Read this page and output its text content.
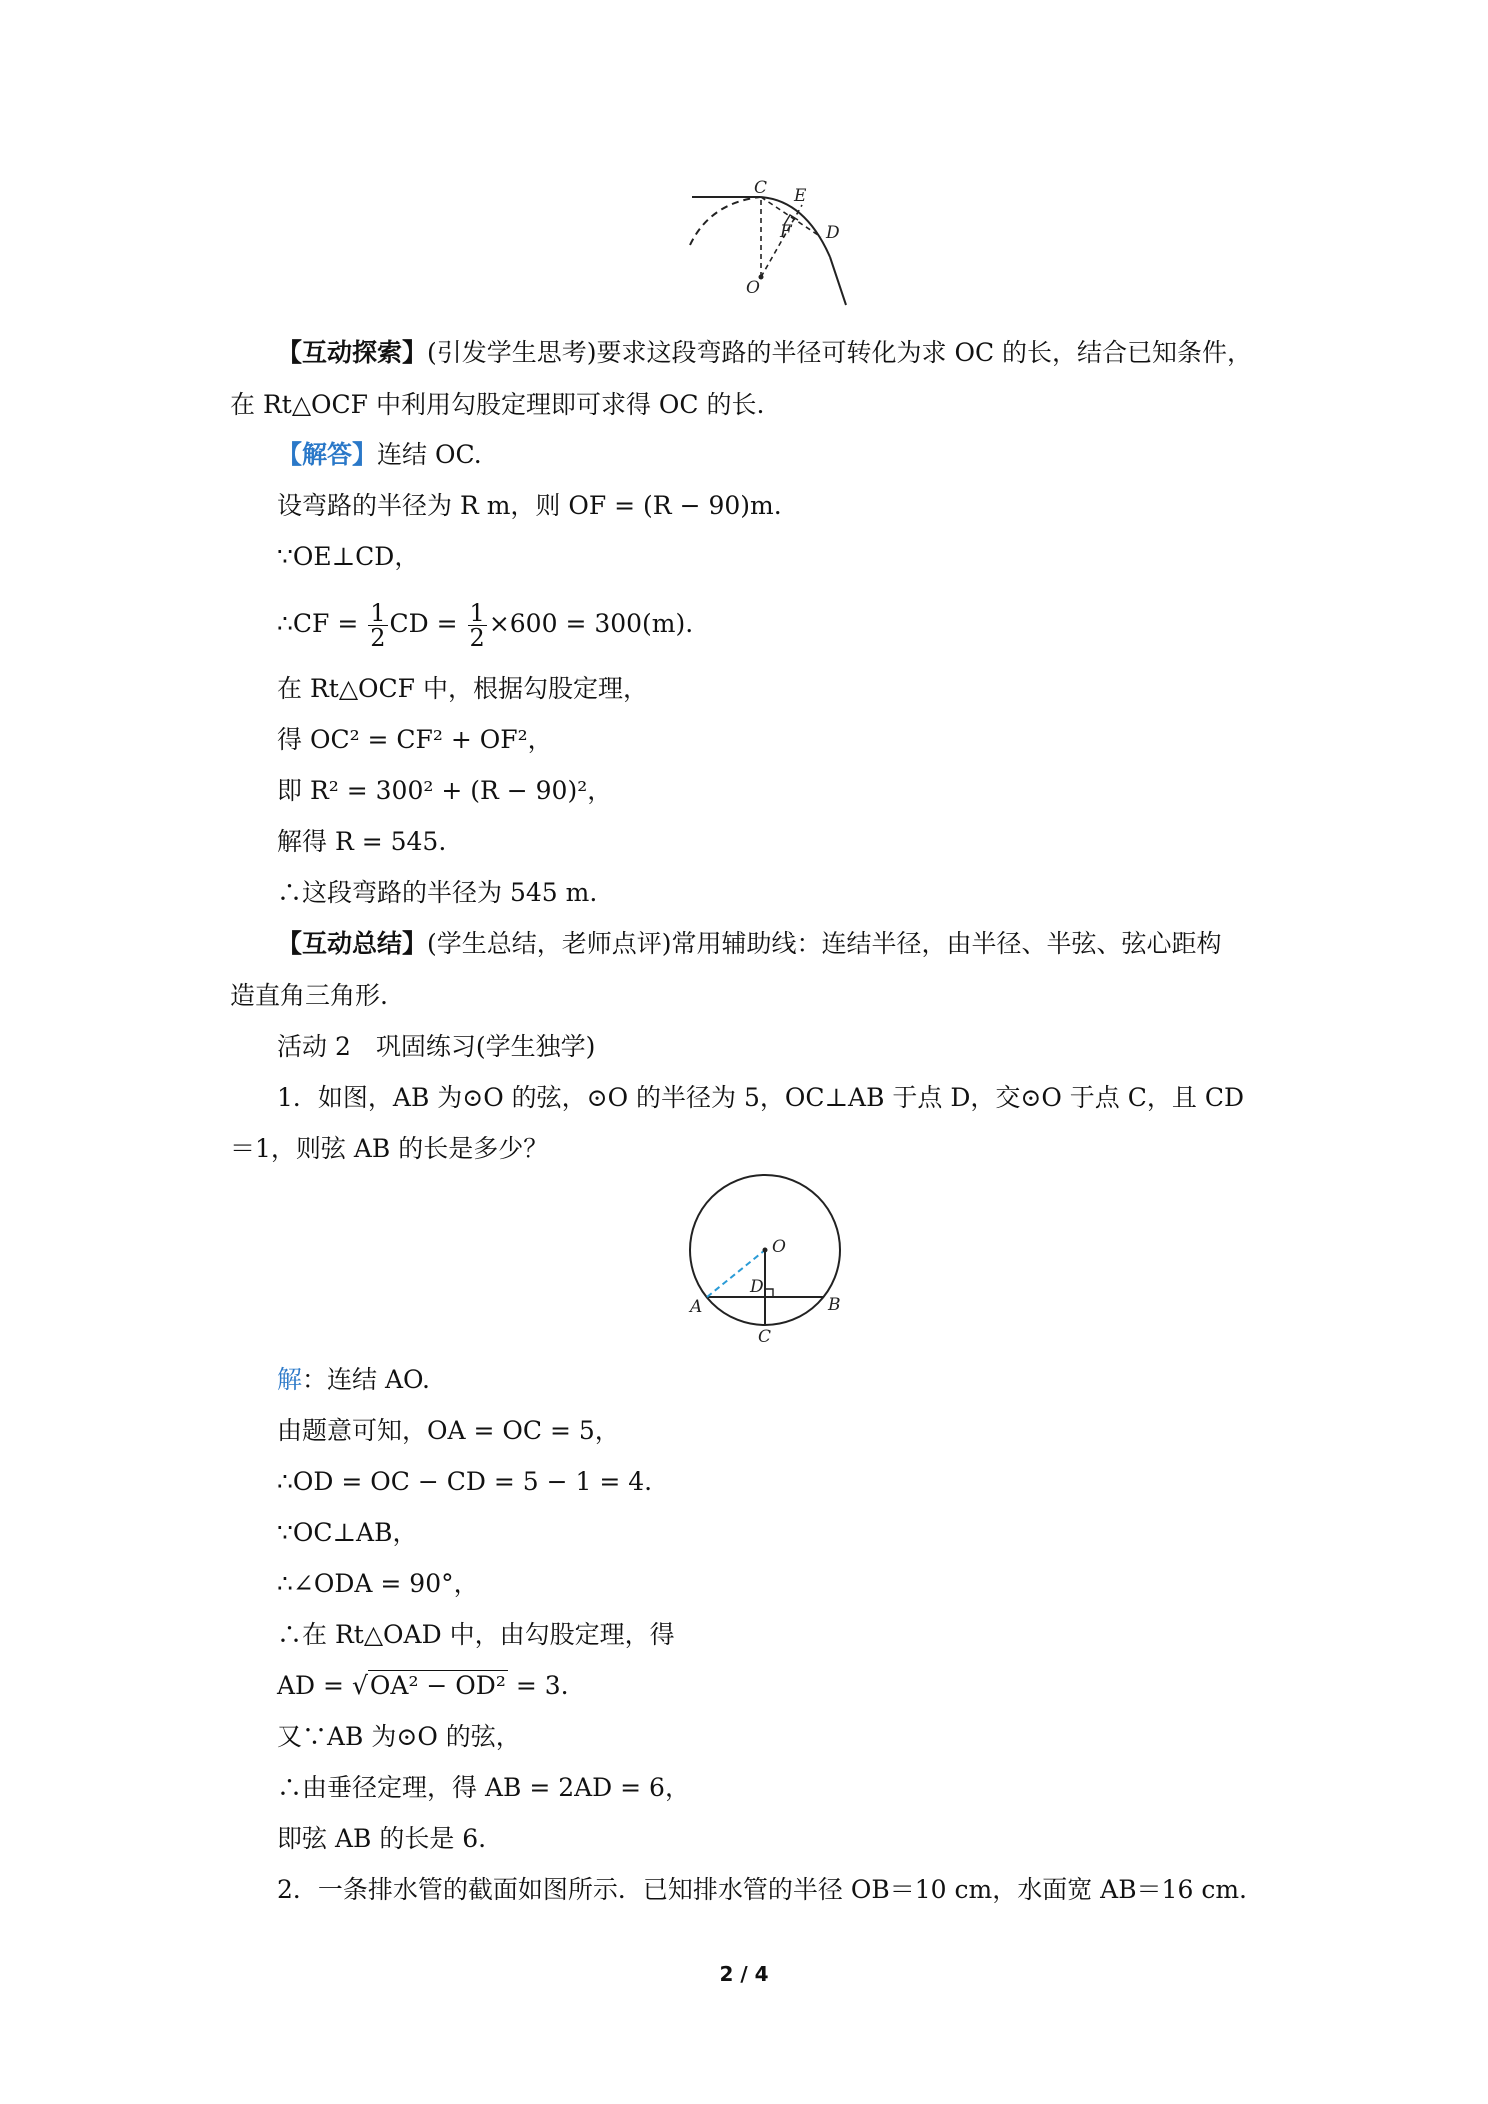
C E
F D
O
【互动探索】(引发学生思考)要求这段弯路的半径可转化为求 OC 的长，结合已知条件，
在 Rt△OCF 中利用勾股定理即可求得 OC 的长.
【解答】连结 OC.
设弯路的半径为 R m，则 OF = (R − 90)m.
∵OE⊥CD，
∴CF = $\frac{1}{2}$ CD = $\frac{1}{2} \times 600 = 300(m)$.
在 Rt△OCF 中，根据勾股定理，
得 OC² = CF² + OF²，
即 R² = 300² + (R − 90)²，
解得 R = 545.
∴这段弯路的半径为 545 m.
【互动总结】(学生总结，老师点评)常用辅助线：连结半径，由半径、半弦、弦心距构
造直角三角形.
活动 2　巩固练习(学生独学)
1．如图，AB 为⊙O 的弦，⊙O 的半径为 5，OC⊥AB 于点 D，交⊙O 于点 C，且 CD
＝1，则弦 AB 的长是多少？
O
D
A	B
C
解：连结 AO.
由题意可知，OA = OC = 5，
∴OD = OC − CD = 5 − 1 = 4.
∵OC⊥AB，
∴∠ODA = 90°，
∴在 Rt△OAD 中，由勾股定理，得
AD = √OA² − OD² = 3.
又∵AB 为⊙O 的弦，
∴由垂径定理，得 AB = 2AD = 6，
即弦 AB 的长是 6.
2．一条排水管的截面如图所示．已知排水管的半径 OB＝10 cm，水面宽 AB＝16 cm.
2 / 4
